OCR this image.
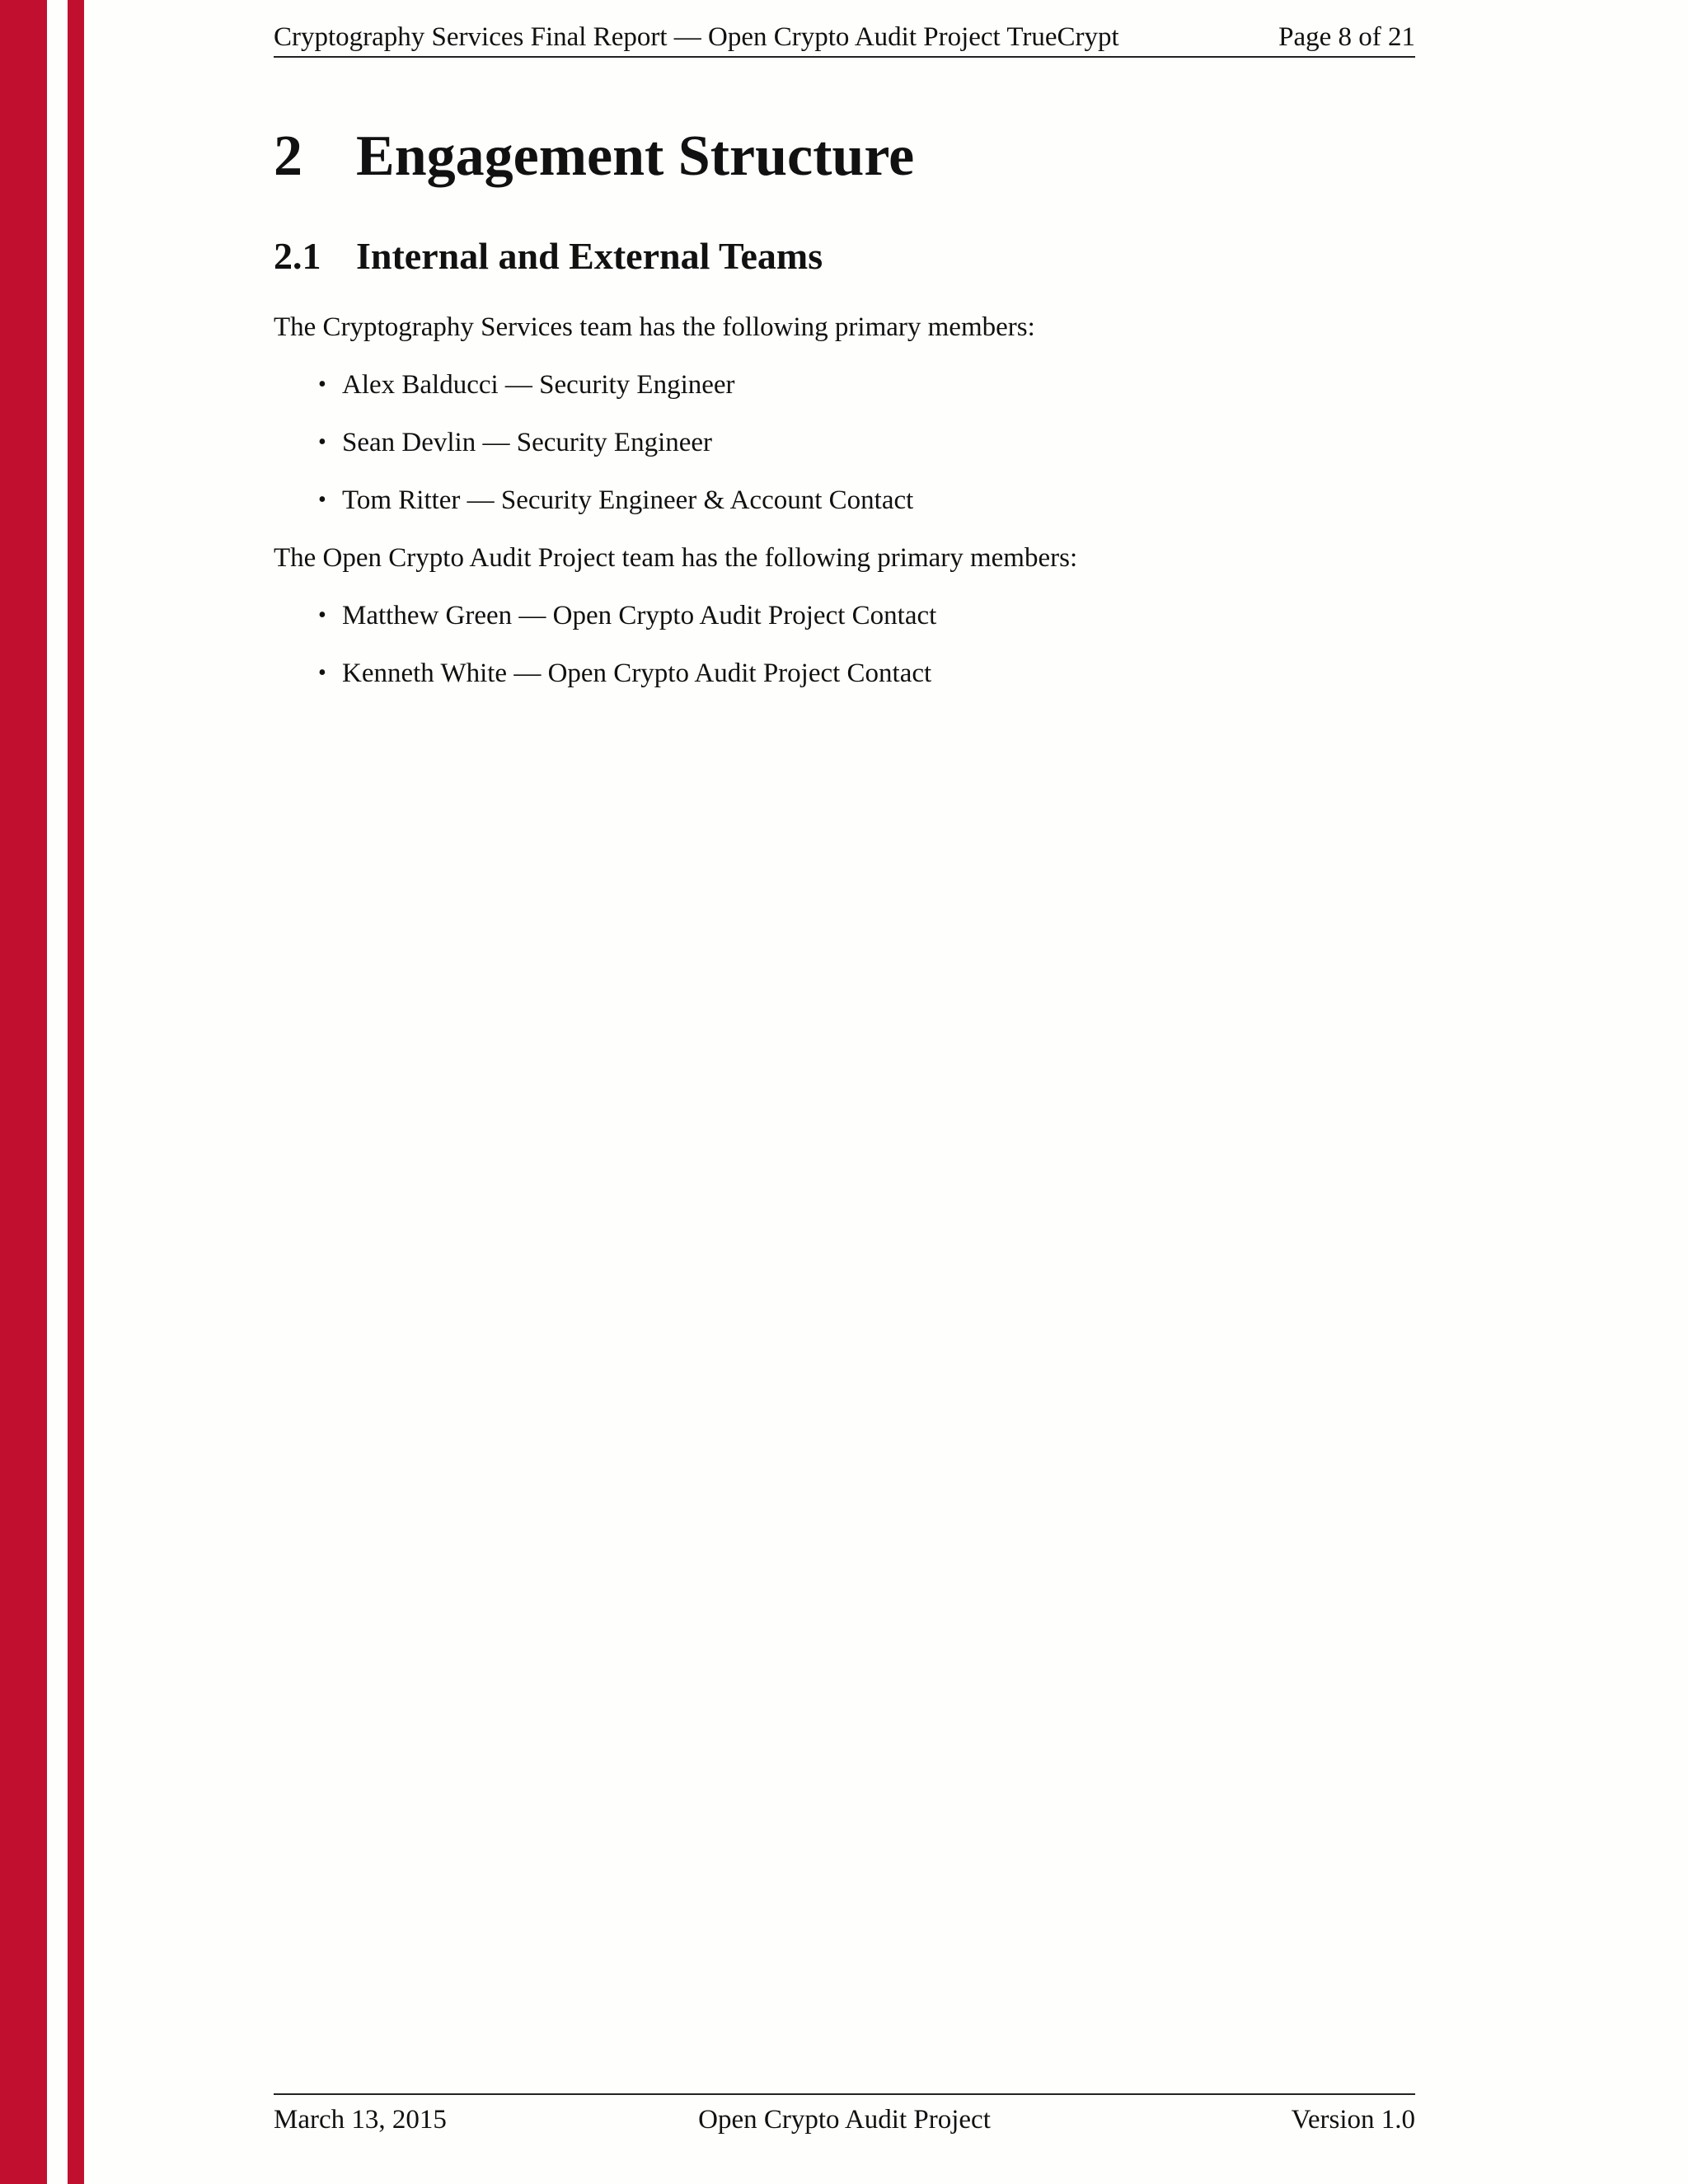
Cryptography Services Final Report — Open Crypto Audit Project TrueCrypt	Page 8 of 21
2 Engagement Structure
2.1 Internal and External Teams

The Cryptography Services team has the following primary members:

• Alex Balducci — Security Engineer
• Sean Devlin — Security Engineer
• Tom Ritter — Security Engineer & Account Contact

The Open Crypto Audit Project team has the following primary members:

• Matthew Green — Open Crypto Audit Project Contact
• Kenneth White — Open Crypto Audit Project Contact
March 13, 2015	Open Crypto Audit Project	Version 1.0
